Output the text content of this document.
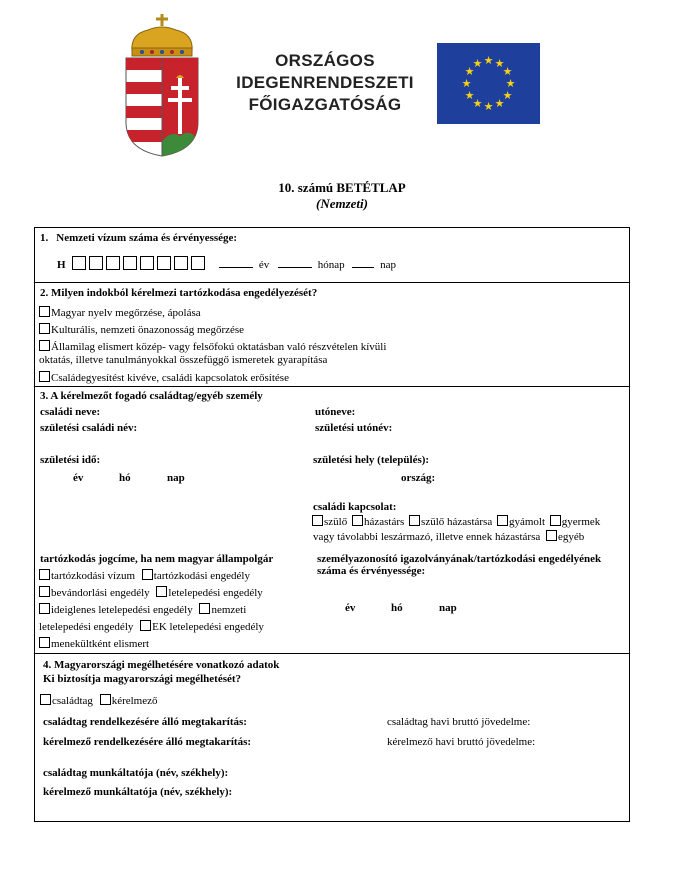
ORSZÁGOS
IDEGENRENDESZETI
FŐIGAZGATÓSÁG
★ ★
★
★
★
★
★
★
★
★
★
★
10. számú BETÉTLAP
(Nemzeti)
1. Nemzeti vízum száma és érvényessége:
H	év	hónap	nap
2. Milyen indokból kérelmezi tartózkodása engedélyezését?
Magyar nyelv megőrzése, ápolása
Kulturális, nemzeti önazonosság megőrzése
Államilag elismert közép- vagy felsőfokú oktatásban való részvételen kívüli
oktatás, illetve tanulmányokkal összefüggő ismeretek gyarapítása
Családegyesítést kivéve, családi kapcsolatok erősítése
3. A kérelmezőt fogadó családtag/egyéb személy
családi neve:	utóneve:
születési családi név:	születési utónév:
születési idő:	születési hely (település):
év	hó	nap	ország:
családi kapcsolat:
szülő házastárs szülő házastársa gyámolt gyermek
vagy távolabbi leszármazó, illetve ennek házastársa egyéb
tartózkodás jogcíme, ha nem magyar állampolgár
tartózkodási vízum tartózkodási engedély
bevándorlási engedély letelepedési engedély
ideiglenes letelepedési engedély nemzeti
letelepedési engedély EK letelepedési engedély
menekültként elismert
személyazonosító igazolványának/tartózkodási engedélyének
száma és érvényessége:
év	hó	nap
4. Magyarországi megélhetésére vonatkozó adatok
Ki biztosítja magyarországi megélhetését?
családtag kérelmező
családtag rendelkezésére álló megtakarítás:	családtag havi bruttó jövedelme:
kérelmező rendelkezésére álló megtakarítás:	kérelmező havi bruttó jövedelme:
családtag munkáltatója (név, székhely):
kérelmező munkáltatója (név, székhely):
